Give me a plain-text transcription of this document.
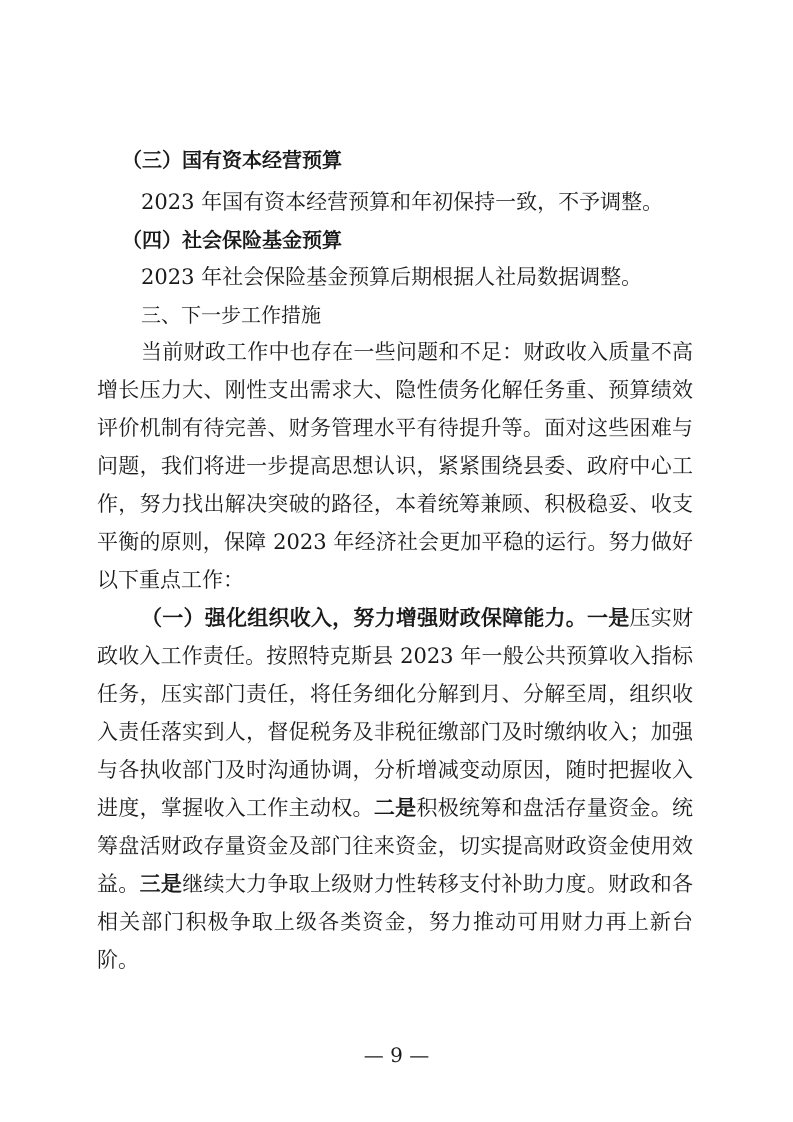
（三）国有资本经营预算
2023 年国有资本经营预算和年初保持一致，不予调整。
（四）社会保险基金预算
2023 年社会保险基金预算后期根据人社局数据调整。
三、下一步工作措施
当前财政工作中也存在一些问题和不足：财政收入质量不高
增长压力大、刚性支出需求大、隐性债务化解任务重、预算绩效
评价机制有待完善、财务管理水平有待提升等。面对这些困难与
问题，我们将进一步提高思想认识，紧紧围绕县委、政府中心工
作，努力找出解决突破的路径，本着统筹兼顾、积极稳妥、收支
平衡的原则，保障 2023 年经济社会更加平稳的运行。努力做好
以下重点工作：
（一）强化组织收入，努力增强财政保障能力。一是压实财
政收入工作责任。按照特克斯县 2023 年一般公共预算收入指标
任务，压实部门责任，将任务细化分解到月、分解至周，组织收
入责任落实到人，督促税务及非税征缴部门及时缴纳收入；加强
与各执收部门及时沟通协调，分析增减变动原因，随时把握收入
进度，掌握收入工作主动权。二是积极统筹和盘活存量资金。统
筹盘活财政存量资金及部门往来资金，切实提高财政资金使用效
益。三是继续大力争取上级财力性转移支付补助力度。财政和各
相关部门积极争取上级各类资金，努力推动可用财力再上新台
阶。
— 9 —
